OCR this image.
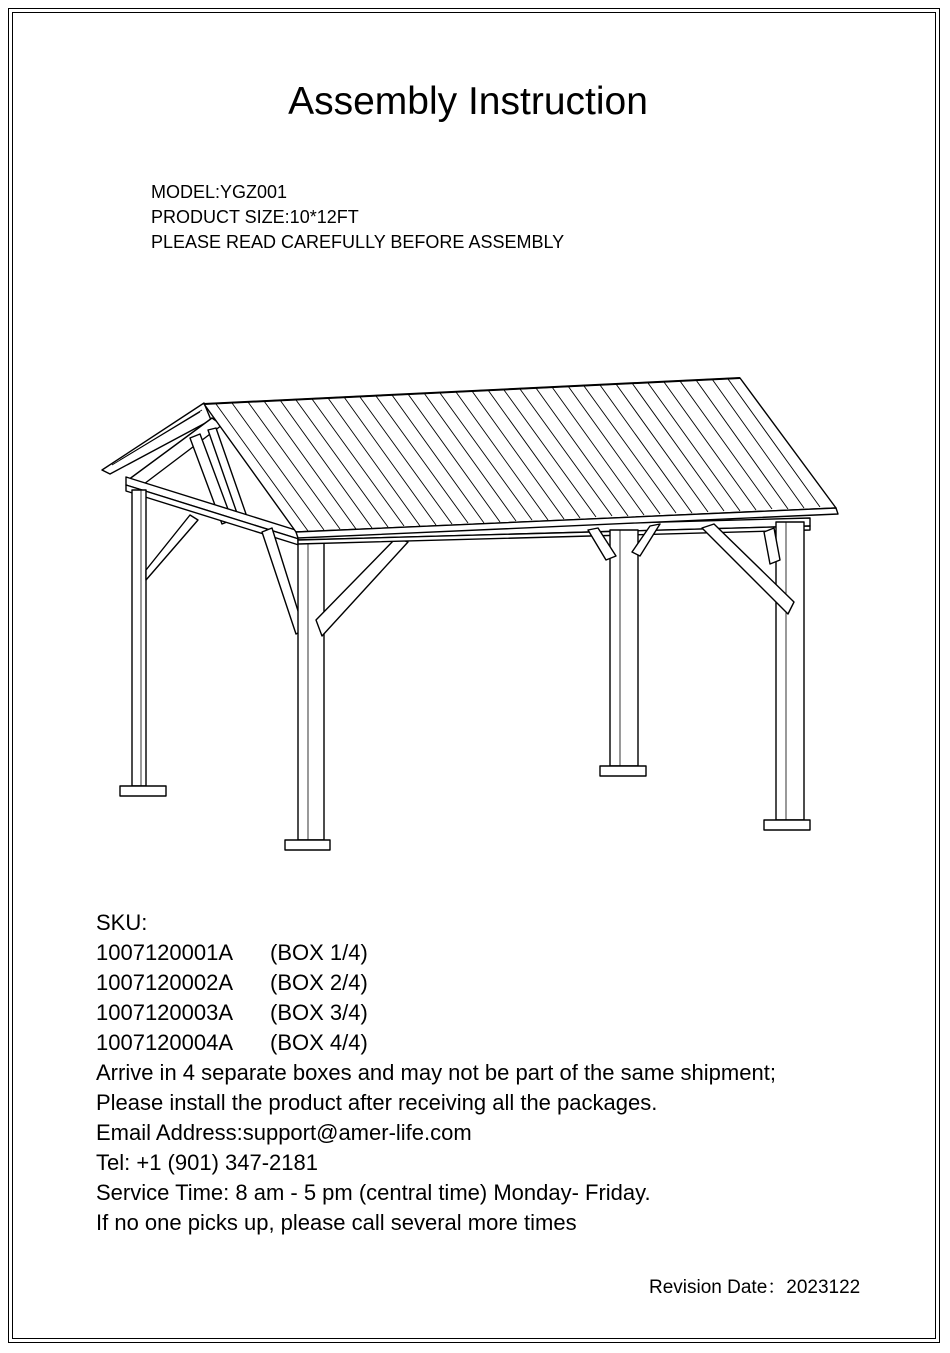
Assembly Instruction
MODEL:YGZ001
PRODUCT SIZE:10*12FT
PLEASE READ CAREFULLY BEFORE ASSEMBLY
SKU:
1007120001A (BOX 1/4)
1007120002A (BOX 2/4)
1007120003A (BOX 3/4)
1007120004A (BOX 4/4)
Arrive in 4 separate boxes and may not be part of the same shipment;
Please install the product after receiving all the packages.
Email Address:support@amer-life.com
Tel: +1 (901) 347-2181
Service Time: 8 am - 5 pm (central time) Monday- Friday.
If no one picks up, please call several more times
Revision Date：2023122
